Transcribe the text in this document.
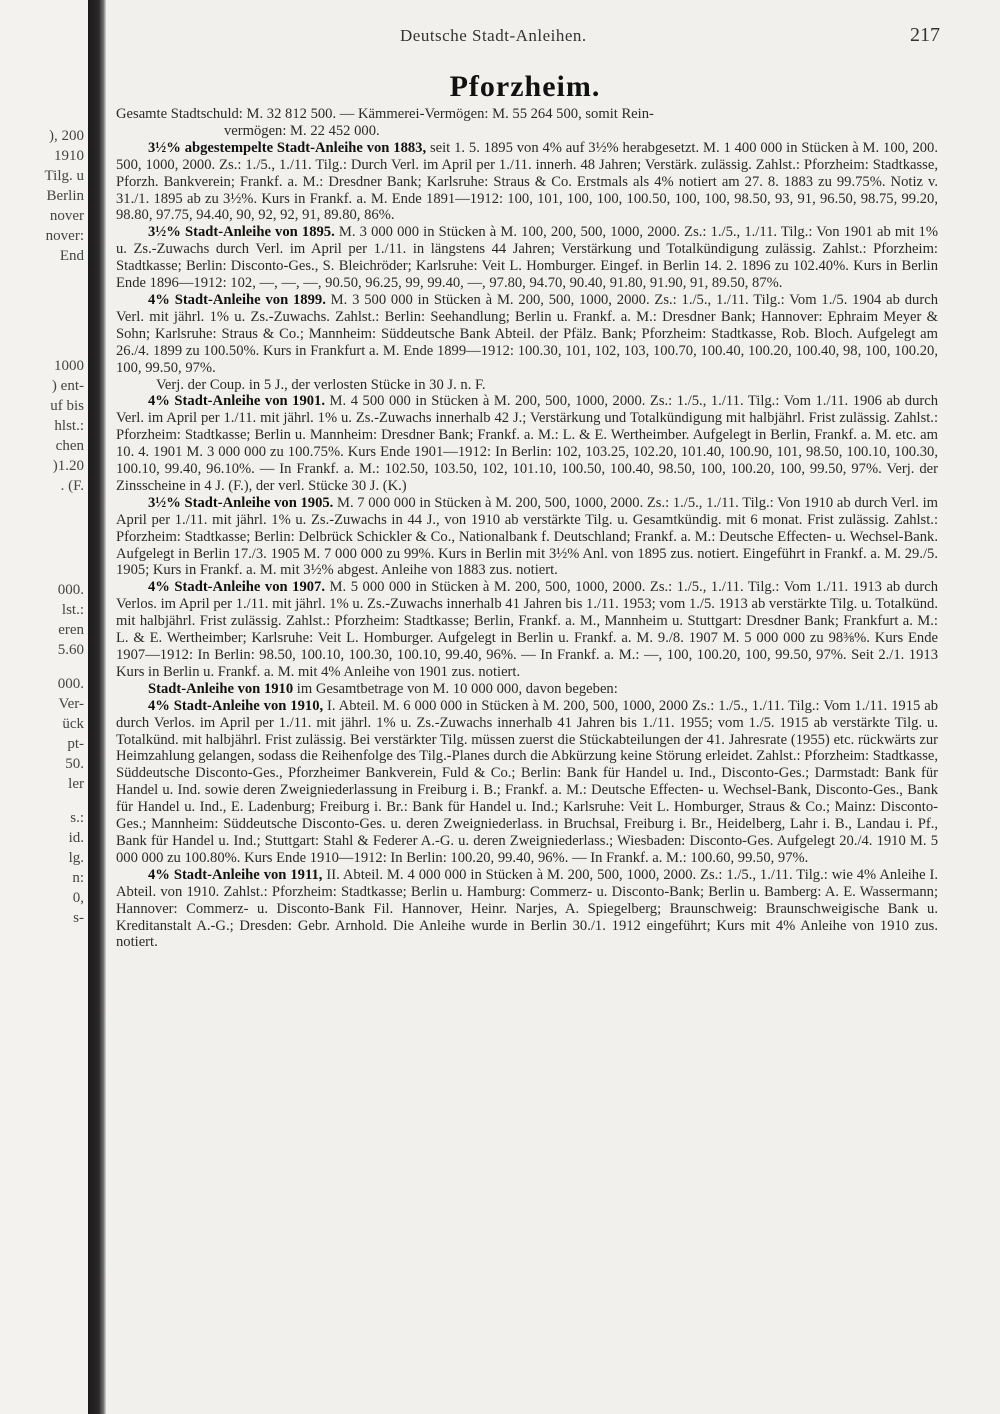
), 200
1910
Tilg. u
Berlin
nover
nover:
End
1000
) ent-
uf bis
hlst.:
chen
)1.20
. (F.
000.
lst.:
eren
5.60
000.
Ver-
ück
pt-
50.
ler
s.:
id.
lg.
n:
0,
s-
Deutsche Stadt-Anleihen.	217
Pforzheim.

Gesamte Stadtschuld: M. 32 812 500. — Kämmerei-Vermögen: M. 55 264 500, somit Rein-

vermögen: M. 22 452 000.

3½% abgestempelte Stadt-Anleihe von 1883, seit 1. 5. 1895 von 4% auf 3½% herabgesetzt. M. 1 400 000 in Stücken à M. 100, 200. 500, 1000, 2000. Zs.: 1./5., 1./11. Tilg.: Durch Verl. im April per 1./11. innerh. 48 Jahren; Verstärk. zulässig. Zahlst.: Pforzheim: Stadtkasse, Pforzh. Bankverein; Frankf. a. M.: Dresdner Bank; Karlsruhe: Straus & Co. Erstmals als 4% notiert am 27. 8. 1883 zu 99.75%. Notiz v. 31./1. 1895 ab zu 3½%. Kurs in Frankf. a. M. Ende 1891—1912: 100, 101, 100, 100, 100.50, 100, 100, 98.50, 93, 91, 96.50, 98.75, 99.20, 98.80, 97.75, 94.40, 90, 92, 92, 91, 89.80, 86%.

3½% Stadt-Anleihe von 1895. M. 3 000 000 in Stücken à M. 100, 200, 500, 1000, 2000. Zs.: 1./5., 1./11. Tilg.: Von 1901 ab mit 1% u. Zs.-Zuwachs durch Verl. im April per 1./11. in längstens 44 Jahren; Verstärkung und Totalkündigung zulässig. Zahlst.: Pforzheim: Stadtkasse; Berlin: Disconto-Ges., S. Bleichröder; Karlsruhe: Veit L. Homburger. Eingef. in Berlin 14. 2. 1896 zu 102.40%. Kurs in Berlin Ende 1896—1912: 102, —, —, —, 90.50, 96.25, 99, 99.40, —, 97.80, 94.70, 90.40, 91.80, 91.90, 91, 89.50, 87%.

4% Stadt-Anleihe von 1899. M. 3 500 000 in Stücken à M. 200, 500, 1000, 2000. Zs.: 1./5., 1./11. Tilg.: Vom 1./5. 1904 ab durch Verl. mit jährl. 1% u. Zs.-Zuwachs. Zahlst.: Berlin: Seehandlung; Berlin u. Frankf. a. M.: Dresdner Bank; Hannover: Ephraim Meyer & Sohn; Karlsruhe: Straus & Co.; Mannheim: Süddeutsche Bank Abteil. der Pfälz. Bank; Pforzheim: Stadtkasse, Rob. Bloch. Aufgelegt am 26./4. 1899 zu 100.50%. Kurs in Frankfurt a. M. Ende 1899—1912: 100.30, 101, 102, 103, 100.70, 100.40, 100.20, 100.40, 98, 100, 100.20, 100, 99.50, 97%.

Verj. der Coup. in 5 J., der verlosten Stücke in 30 J. n. F.

4% Stadt-Anleihe von 1901. M. 4 500 000 in Stücken à M. 200, 500, 1000, 2000. Zs.: 1./5., 1./11. Tilg.: Vom 1./11. 1906 ab durch Verl. im April per 1./11. mit jährl. 1% u. Zs.-Zuwachs innerhalb 42 J.; Verstärkung und Totalkündigung mit halbjährl. Frist zulässig. Zahlst.: Pforzheim: Stadtkasse; Berlin u. Mannheim: Dresdner Bank; Frankf. a. M.: L. & E. Wertheimber. Aufgelegt in Berlin, Frankf. a. M. etc. am 10. 4. 1901 M. 3 000 000 zu 100.75%. Kurs Ende 1901—1912: In Berlin: 102, 103.25, 102.20, 101.40, 100.90, 101, 98.50, 100.10, 100.30, 100.10, 99.40, 96.10%. — In Frankf. a. M.: 102.50, 103.50, 102, 101.10, 100.50, 100.40, 98.50, 100, 100.20, 100, 99.50, 97%. Verj. der Zinsscheine in 4 J. (F.), der verl. Stücke 30 J. (K.)

3½% Stadt-Anleihe von 1905. M. 7 000 000 in Stücken à M. 200, 500, 1000, 2000. Zs.: 1./5., 1./11. Tilg.: Von 1910 ab durch Verl. im April per 1./11. mit jährl. 1% u. Zs.-Zuwachs in 44 J., von 1910 ab verstärkte Tilg. u. Gesamtkündig. mit 6 monat. Frist zulässig. Zahlst.: Pforzheim: Stadtkasse; Berlin: Delbrück Schickler & Co., Nationalbank f. Deutschland; Frankf. a. M.: Deutsche Effecten- u. Wechsel-Bank. Aufgelegt in Berlin 17./3. 1905 M. 7 000 000 zu 99%. Kurs in Berlin mit 3½% Anl. von 1895 zus. notiert. Eingeführt in Frankf. a. M. 29./5. 1905; Kurs in Frankf. a. M. mit 3½% abgest. Anleihe von 1883 zus. notiert.

4% Stadt-Anleihe von 1907. M. 5 000 000 in Stücken à M. 200, 500, 1000, 2000. Zs.: 1./5., 1./11. Tilg.: Vom 1./11. 1913 ab durch Verlos. im April per 1./11. mit jährl. 1% u. Zs.-Zuwachs innerhalb 41 Jahren bis 1./11. 1953; vom 1./5. 1913 ab verstärkte Tilg. u. Totalkünd. mit halbjährl. Frist zulässig. Zahlst.: Pforzheim: Stadtkasse; Berlin, Frankf. a. M., Mannheim u. Stuttgart: Dresdner Bank; Frankfurt a. M.: L. & E. Wertheimber; Karlsruhe: Veit L. Homburger. Aufgelegt in Berlin u. Frankf. a. M. 9./8. 1907 M. 5 000 000 zu 98⅜%. Kurs Ende 1907—1912: In Berlin: 98.50, 100.10, 100.30, 100.10, 99.40, 96%. — In Frankf. a. M.: —, 100, 100.20, 100, 99.50, 97%. Seit 2./1. 1913 Kurs in Berlin u. Frankf. a. M. mit 4% Anleihe von 1901 zus. notiert.

Stadt-Anleihe von 1910 im Gesamtbetrage von M. 10 000 000, davon begeben:

4% Stadt-Anleihe von 1910, I. Abteil. M. 6 000 000 in Stücken à M. 200, 500, 1000, 2000 Zs.: 1./5., 1./11. Tilg.: Vom 1./11. 1915 ab durch Verlos. im April per 1./11. mit jährl. 1% u. Zs.-Zuwachs innerhalb 41 Jahren bis 1./11. 1955; vom 1./5. 1915 ab verstärkte Tilg. u. Totalkünd. mit halbjährl. Frist zulässig. Bei verstärkter Tilg. müssen zuerst die Stückabteilungen der 41. Jahresrate (1955) etc. rückwärts zur Heimzahlung gelangen, sodass die Reihenfolge des Tilg.-Planes durch die Abkürzung keine Störung erleidet. Zahlst.: Pforzheim: Stadtkasse, Süddeutsche Disconto-Ges., Pforzheimer Bankverein, Fuld & Co.; Berlin: Bank für Handel u. Ind., Disconto-Ges.; Darmstadt: Bank für Handel u. Ind. sowie deren Zweigniederlassung in Freiburg i. B.; Frankf. a. M.: Deutsche Effecten- u. Wechsel-Bank, Disconto-Ges., Bank für Handel u. Ind., E. Ladenburg; Freiburg i. Br.: Bank für Handel u. Ind.; Karlsruhe: Veit L. Homburger, Straus & Co.; Mainz: Disconto-Ges.; Mannheim: Süddeutsche Disconto-Ges. u. deren Zweigniederlass. in Bruchsal, Freiburg i. Br., Heidelberg, Lahr i. B., Landau i. Pf., Bank für Handel u. Ind.; Stuttgart: Stahl & Federer A.-G. u. deren Zweigniederlass.; Wiesbaden: Disconto-Ges. Aufgelegt 20./4. 1910 M. 5 000 000 zu 100.80%. Kurs Ende 1910—1912: In Berlin: 100.20, 99.40, 96%. — In Frankf. a. M.: 100.60, 99.50, 97%.

4% Stadt-Anleihe von 1911, II. Abteil. M. 4 000 000 in Stücken à M. 200, 500, 1000, 2000. Zs.: 1./5., 1./11. Tilg.: wie 4% Anleihe I. Abteil. von 1910. Zahlst.: Pforzheim: Stadtkasse; Berlin u. Hamburg: Commerz- u. Disconto-Bank; Berlin u. Bamberg: A. E. Wassermann; Hannover: Commerz- u. Disconto-Bank Fil. Hannover, Heinr. Narjes, A. Spiegelberg; Braunschweig: Braunschweigische Bank u. Kreditanstalt A.-G.; Dresden: Gebr. Arnhold. Die Anleihe wurde in Berlin 30./1. 1912 eingeführt; Kurs mit 4% Anleihe von 1910 zus. notiert.
